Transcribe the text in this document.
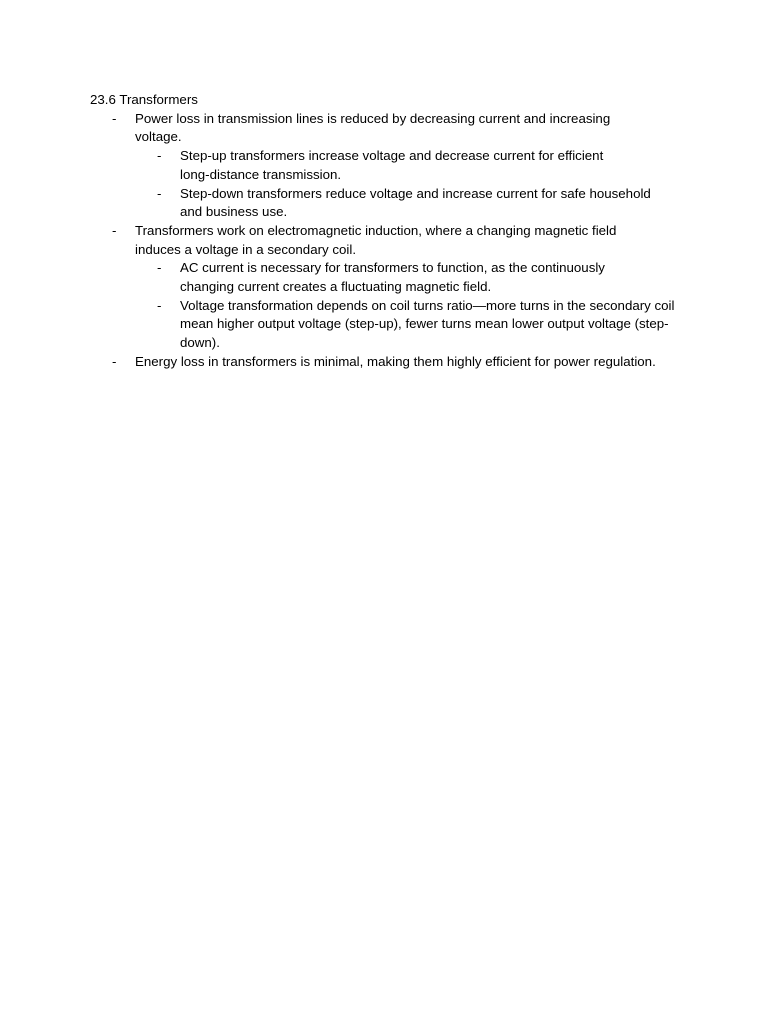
23.6 Transformers

- Power loss in transmission lines is reduced by decreasing current and increasing voltage.
- Step-up transformers increase voltage and decrease current for efficient long-distance transmission.
- Step-down transformers reduce voltage and increase current for safe household and business use.
- Transformers work on electromagnetic induction, where a changing magnetic field induces a voltage in a secondary coil.
- AC current is necessary for transformers to function, as the continuously changing current creates a fluctuating magnetic field.
- Voltage transformation depends on coil turns ratio—more turns in the secondary coil mean higher output voltage (step-up), fewer turns mean lower output voltage (step-down).
- Energy loss in transformers is minimal, making them highly efficient for power regulation.
